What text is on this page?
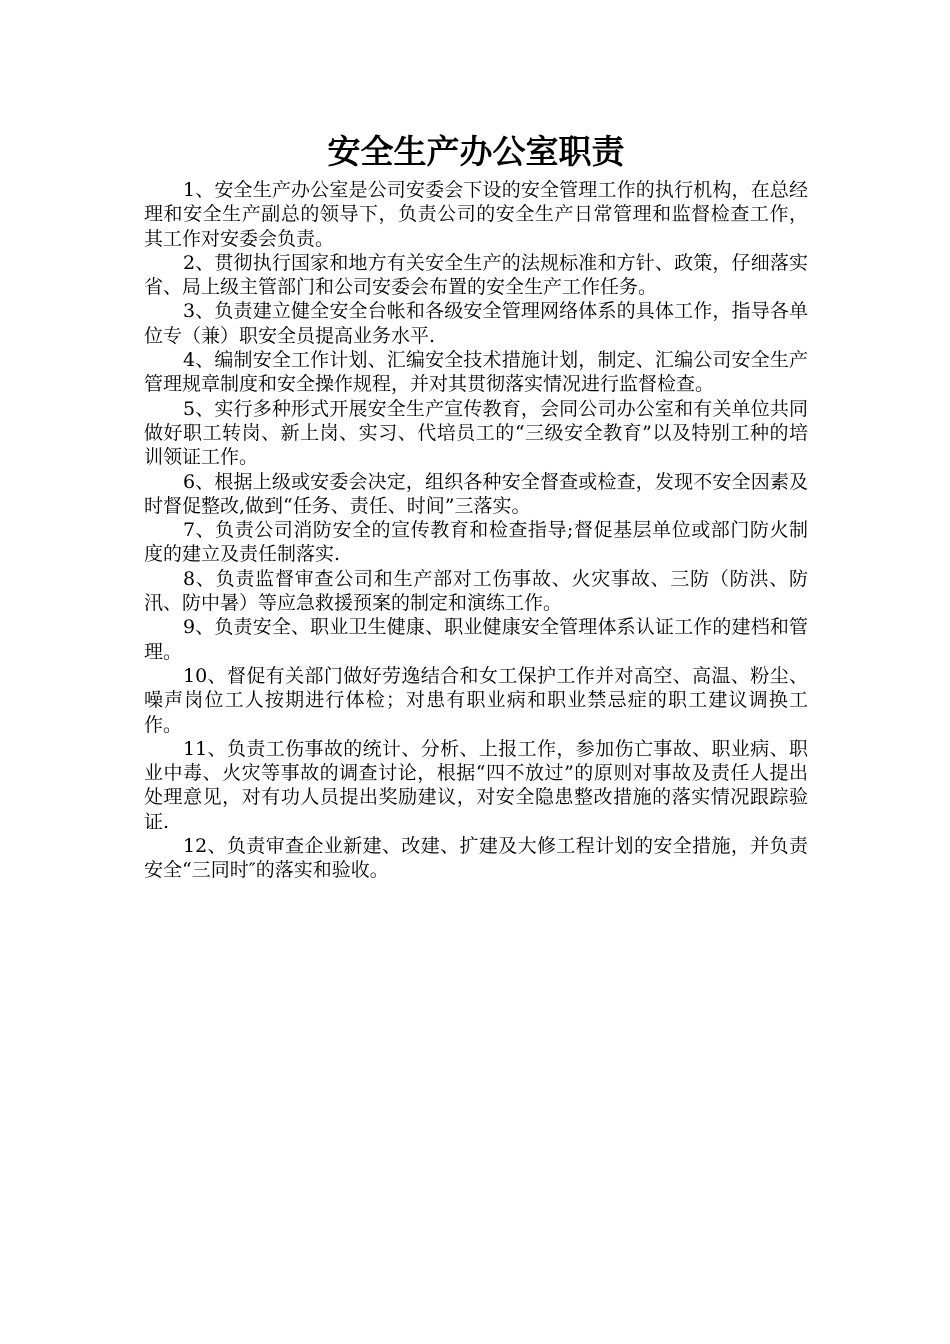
安全生产办公室职责

1、安全生产办公室是公司安委会下设的安全管理工作的执行机构，在总经理和安全生产副总的领导下，负责公司的安全生产日常管理和监督检查工作，其工作对安委会负责。

2、贯彻执行国家和地方有关安全生产的法规标准和方针、政策，仔细落实省、局上级主管部门和公司安委会布置的安全生产工作任务。

3、负责建立健全安全台帐和各级安全管理网络体系的具体工作，指导各单位专（兼）职安全员提高业务水平.

4、编制安全工作计划、汇编安全技术措施计划，制定、汇编公司安全生产管理规章制度和安全操作规程，并对其贯彻落实情况进行监督检查。

5、实行多种形式开展安全生产宣传教育，会同公司办公室和有关单位共同做好职工转岗、新上岗、实习、代培员工的“三级安全教育”以及特别工种的培训领证工作。

6、根据上级或安委会决定，组织各种安全督查或检查，发现不安全因素及时督促整改,做到“任务、责任、时间”三落实。

7、负责公司消防安全的宣传教育和检查指导;督促基层单位或部门防火制度的建立及责任制落实.

8、负责监督审查公司和生产部对工伤事故、火灾事故、三防（防洪、防汛、防中暑）等应急救援预案的制定和演练工作。

9、负责安全、职业卫生健康、职业健康安全管理体系认证工作的建档和管理。

10、督促有关部门做好劳逸结合和女工保护工作并对高空、高温、粉尘、噪声岗位工人按期进行体检；对患有职业病和职业禁忌症的职工建议调换工作。

11、负责工伤事故的统计、分析、上报工作，参加伤亡事故、职业病、职业中毒、火灾等事故的调查讨论，根据“四不放过”的原则对事故及责任人提出处理意见，对有功人员提出奖励建议，对安全隐患整改措施的落实情况跟踪验证.

12、负责审查企业新建、改建、扩建及大修工程计划的安全措施，并负责安全“三同时″的落实和验收。
